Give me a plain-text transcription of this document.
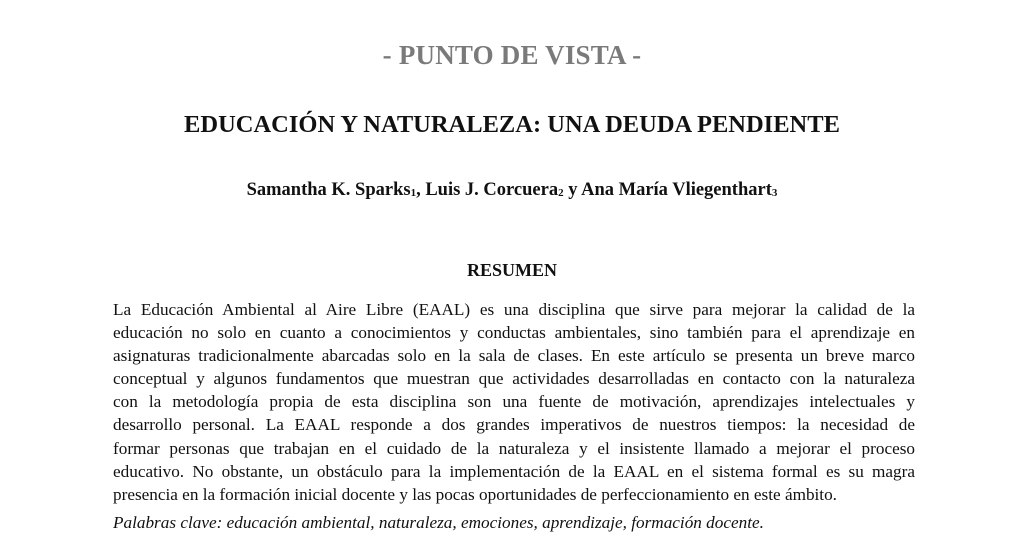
- PUNTO DE VISTA -
EDUCACIÓN Y NATURALEZA: UNA DEUDA PENDIENTE
Samantha K. Sparks$_1$, Luis J. Corcuera$_2$ y Ana María Vliegenthart$_3$
RESUMEN
La Educación Ambiental al Aire Libre (EAAL) es una disciplina que sirve para mejorar la calidad de la
educación no solo en cuanto a conocimientos y conductas ambientales, sino también para el aprendizaje en
asignaturas tradicionalmente abarcadas solo en la sala de clases. En este artículo se presenta un breve marco
conceptual y algunos fundamentos que muestran que actividades desarrolladas en contacto con la naturaleza
con la metodología propia de esta disciplina son una fuente de motivación, aprendizajes intelectuales y
desarrollo personal. La EAAL responde a dos grandes imperativos de nuestros tiempos: la necesidad de
formar personas que trabajan en el cuidado de la naturaleza y el insistente llamado a mejorar el proceso
educativo. No obstante, un obstáculo para la implementación de la EAAL en el sistema formal es su magra
presencia en la formación inicial docente y las pocas oportunidades de perfeccionamiento en este ámbito.
Palabras clave: educación ambiental, naturaleza, emociones, aprendizaje, formación docente.
